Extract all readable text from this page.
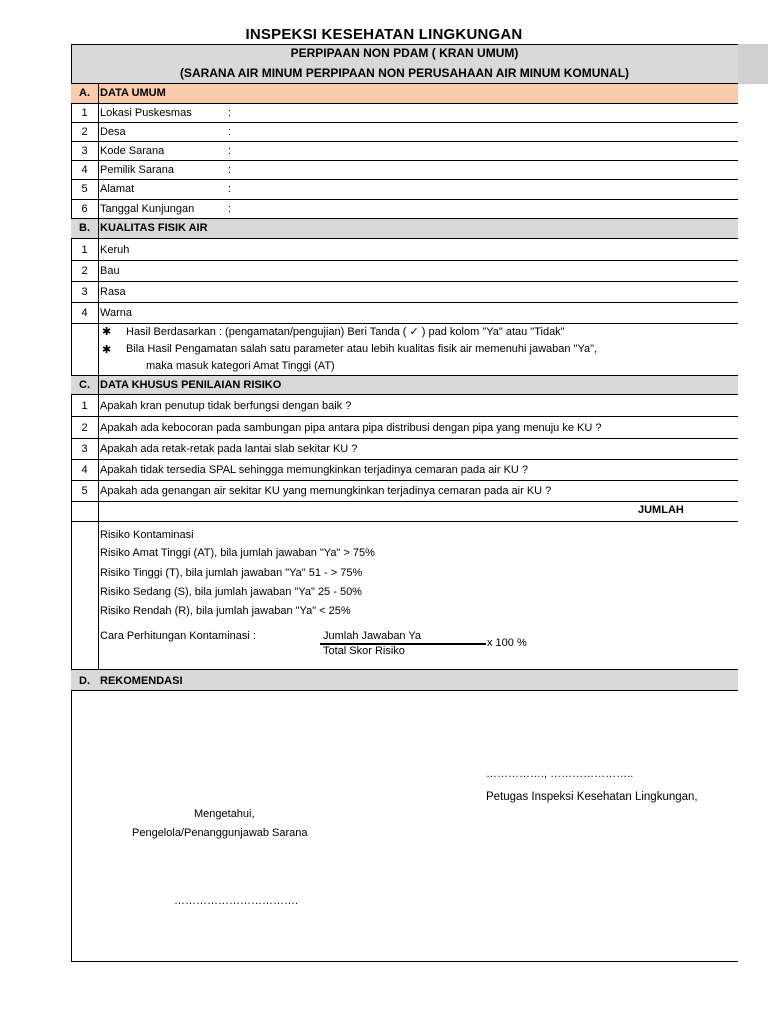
INSPEKSI KESEHATAN LINGKUNGAN
PERPIPAAN NON PDAM ( KRAN UMUM)
(SARANA AIR MINUM PERPIPAAN NON PERUSAHAAN AIR MINUM KOMUNAL)
A. DATA UMUM
1	Lokasi Puskesmas	:
2	Desa	:
3	Kode Sarana	:
4	Pemilik Sarana	:
5	Alamat	:
6	Tanggal Kunjungan	:
B. KUALITAS FISIK AIR
1	Keruh
2	Bau
3	Rasa
4	Warna
✱ Hasil Berdasarkan : (pengamatan/pengujian) Beri Tanda ( ✓ ) pad kolom "Ya" atau "Tidak"
✱ Bila Hasil Pengamatan salah satu parameter atau lebih kualitas fisik air memenuhi jawaban "Ya",
maka masuk kategori Amat Tinggi (AT)
C. DATA KHUSUS PENILAIAN RISIKO
1	Apakah kran penutup tidak berfungsi dengan baik ?
2	Apakah ada kebocoran pada sambungan pipa antara pipa distribusi dengan pipa yang menuju ke KU ?
3	Apakah ada retak-retak pada lantai slab sekitar KU ?
4	Apakah tidak tersedia SPAL sehingga memungkinkan terjadinya cemaran pada air KU ?
5	Apakah ada genangan air sekitar KU yang memungkinkan terjadinya cemaran pada air KU ?
JUMLAH
Risiko Kontaminasi
Risiko Amat Tinggi (AT), bila jumlah jawaban "Ya" > 75%
Risiko Tinggi (T), bila jumlah jawaban "Ya" 51 - > 75%
Risiko Sedang (S), bila jumlah jawaban "Ya" 25 - 50%
Risiko Rendah (R), bila jumlah jawaban "Ya" < 25%
Cara Perhitungan Kontaminasi :	Jumlah Jawaban Ya
x 100 %
Total Skor Risiko
D. REKOMENDASI
……………., …………………..
Petugas Inspeksi Kesehatan Lingkungan,
Mengetahui,
Pengelola/Penanggunjawab Sarana
…………………………….
